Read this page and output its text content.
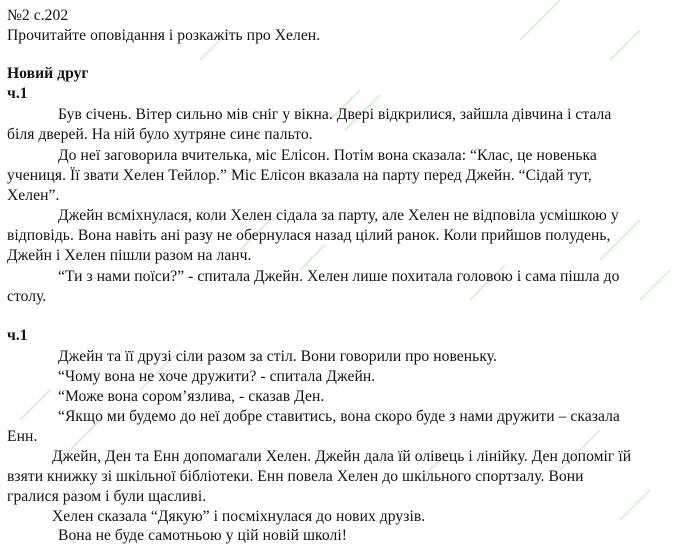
№2 с.202
Прочитайте оповідання і розкажіть про Хелен.
Новий друг
ч.1
Був січень. Вітер сильно мів сніг у вікна. Двері відкрилися, зайшла дівчина і стала
біля дверей. На ній було хутряне синє пальто.
До неї заговорила вчителька, міс Елісон. Потім вона сказала: “Клас, це новенька
учениця. Її звати Хелен Тейлор.” Міс Елісон вказала на парту перед Джейн. “Сідай тут,
Хелен”.
Джейн всміхнулася, коли Хелен сідала за парту, але Хелен не відповіла усмішкою у
відповідь. Вона навіть ані разу не обернулася назад цілий ранок. Коли прийшов полудень,
Джейн і Хелен пішли разом на ланч.
“Ти з нами поїси?” - спитала Джейн. Хелен лише похитала головою і сама пішла до
столу.
ч.1
Джейн та її друзі сіли разом за стіл. Вони говорили про новеньку.
“Чому вона не хоче дружити? - спитала Джейн.
“Може вона сором’язлива, - сказав Ден.
“Якщо ми будемо до неї добре ставитись, вона скоро буде з нами дружити – сказала
Енн.
Джейн, Ден та Енн допомагали Хелен. Джейн дала їй олівець і лінійку. Ден допоміг їй
взяти книжку зі шкільної бібліотеки. Енн повела Хелен до шкільного спортзалу. Вони
гралися разом і були щасливі.
Хелен сказала “Дякую” і посміхнулася до нових друзів.
Вона не буде самотньою у цій новій школі!
